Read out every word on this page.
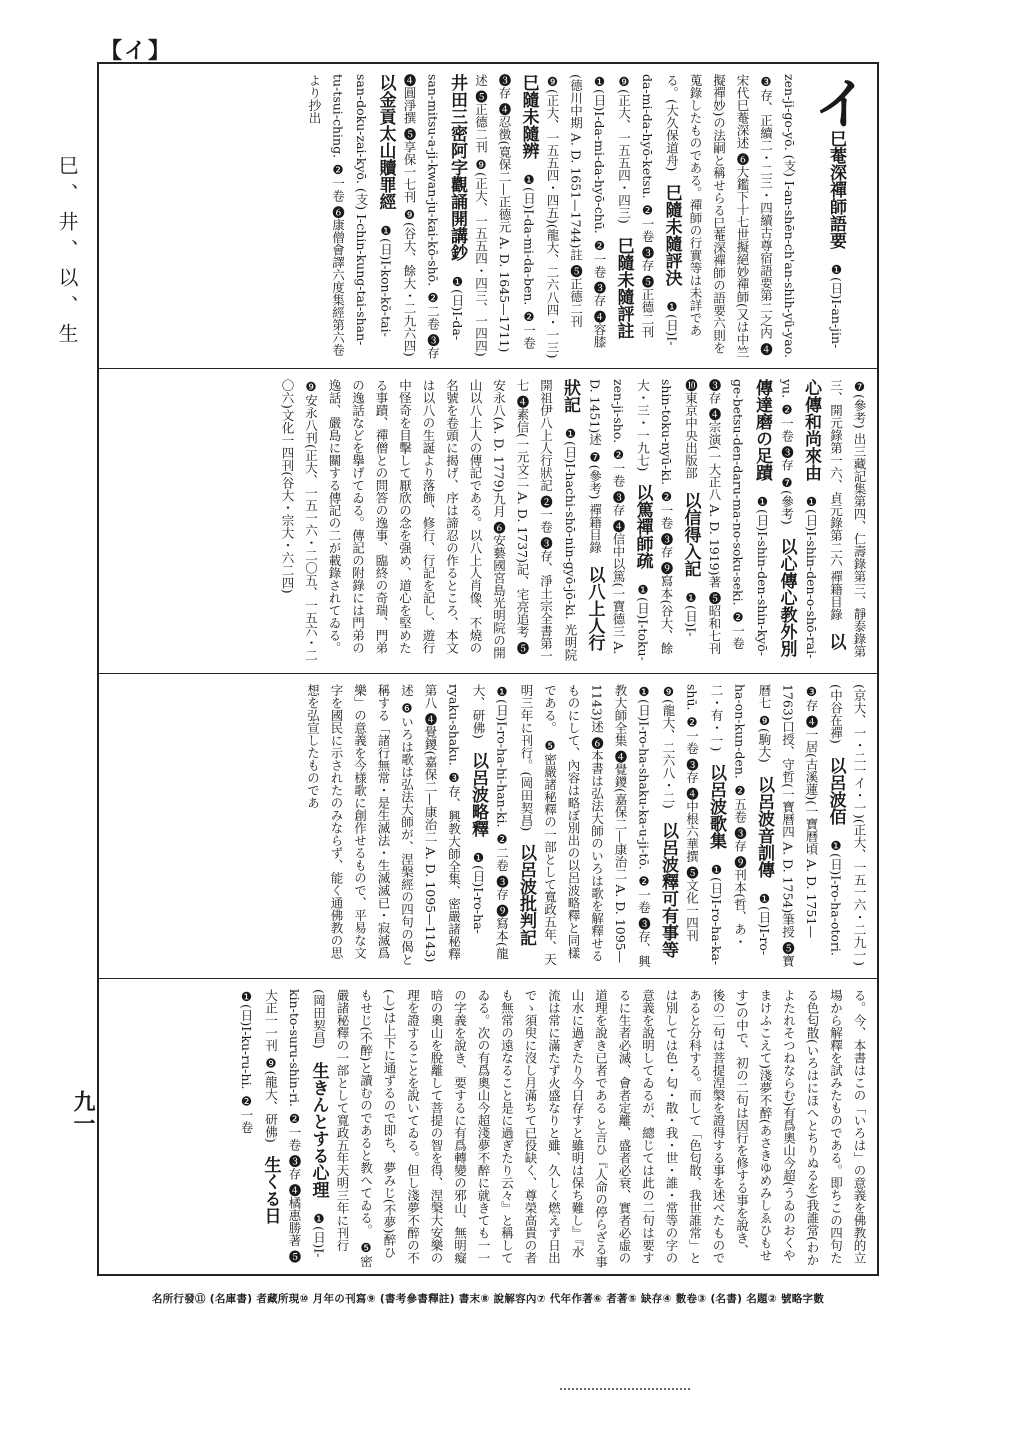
【イ】
巳、井、以、生
九一
イ巳菴深禪師語要　❶(日)I-an-jin-zen-ji-go-yō. (支) I-an-shēn-ch'an-shih-yü-yao. ❸存、正續二・二三・四續古尊宿語要第二之内 ❹宋代巳菴深述 ❻大鑑下十七世擬絕妙禪師(又は中竺擬禪妙)の法嗣と稱せらる巳菴深禪師の語要六則を蒐錄したものである。禪師の行實等は未詳である。(大久保道舟)　巳隨未隨評決　❶(日)I-da-mi-da-hyō-ketsu. ❷一卷 ❸存 ❺正德二刊 ❾(正大、一五五四・四三)　巳隨未隨評註　❶(日)I-da-mi-da-hyō-chū. ❷一卷 ❸存 ❹容膝(德川中期 A. D. 1651—1744)註 ❺正德二刊 ❾(正大、一五五四・四五)(龍大、二六八四・一三)　巳隨未隨辨　❶(日)I-da-mi-da-ben. ❷一卷 ❸存 ❹忍徴(寛保二—正德元 A. D. 1645—1711)述 ❺正德二刊 ❾(正大、一五五四・四三、一四四)　井田三密阿字觀誦開講鈔　❶(日)I-da-san-mitsu-a-ji-kwan-ju-kai-kō-shō. ❷二卷 ❸存 ❹圓淨撰 ❺享保一七刊 ❾(谷大、餘大・二九六四)　以金貢太山贖罪經　❶(日)I-kon-kō-tai-san-doku-zai-kyō. (支) I-chin-kung-tai-shan-tu-tsui-ching. ❷一卷 ❻康僧會譯六度集經第六卷より抄出　
❼(參考) 出三藏記集第四、仁壽錄第三、靜泰錄第三、開元錄第一六、貞元錄第二六 禪籍目錄　以心傳和尚來由　❶(日)I-shin-den-o-shō-rai-yu. ❷一卷 ❸存 ❼(參考)　以心傳心教外別傳達磨の足蹟　❶(日)I-shin-den-shin-kyō-ge-betsu-den-daru-ma-no-soku-seki. ❷一卷 ❸存 ❹宗演(一大正八 A. D. 1919)著 ❺昭和七刊 ❿東京中央出版部　以信得入記　❶(日)I-shin-toku-nyū-ki. ❷一卷 ❸存 ❾寫本(谷大、餘大・三・一九七)　以篤禪師疏　❶(日)I-toku-zen-ji-sho. ❷一卷 ❸存 ❹信中以篤(一寶德三 A. D. 1451)述 ❼(參考) 禪籍目錄　以八上人行狀記　❶(日)I-hachi-shō-nin-gyō-jō-ki. 光明院開祖伊八上人行狀記 ❷一卷 ❸存、淨土宗全書第一七 ❹素信(一元文二 A. D. 1737)記、宅亮追考 ❺安永八(A. D. 1779)九月 ❻安藝國宮島光明院の開山以八上人の傳記である。以八上人肖像、不燒の名號を卷頭に揭げ、序は諦忍の作るところ、本文は以八の生誕より落飾、修行、行記を記し、遊行中怪奇を目擊して厭欣の念を强め、道心を堅めたる事蹟、禪僧との問答の逸事、臨終の奇瑞、門弟の逸話などを擧げてゐる。傳記の附錄には門弟の逸話、嚴島に關する傳記の二が載錄されてゐる。 ❾安永八刊(正大、一五一六・二〇五、一五六・二〇六)文化一四刊(谷大・宗大・六二四)　
(京大、一・二一イ・一)(正大、一五一六・二九一)(中谷在禪)　以呂波佰　❶(日)I-ro-ha-otori. ❸存 ❹一居(古溪蓮)(一寶曆頃 A. D. 1751—1763)口授、守哲(一寶曆四 A. D. 1754)筆授 ❺寶曆七 ❾(駒大)　以呂波音訓傳　❶(日)I-ro-ha-on-kun-den. ❷五卷 ❸存 ❾刊本(哲、あ・二・有・一)　以呂波歌集　❶(日)I-ro-ha-ka-shū. ❷一卷 ❸存 ❹中根六華撰 ❺文化一四刊 ❾(龍大、二六八・二)　以呂波釋可有事等　❶(日)I-ro-ha-shaku-ka-u-ji-tō. ❷一卷 ❸存、興教大師全集 ❹覺鑁(嘉保二—康治二 A. D. 1095—1143)述 ❻本書は弘法大師のいろは歌を解釋せるものにして、內容は略ぼ別出の以呂波略釋と同樣である。 ❺密嚴諸秘釋の一部として寬政五年、天明三年に刊行。(岡田契昌)　以呂波批判記　❶(日)I-ro-ha-hi-han-ki. ❷二卷 ❸存 ❾寫本(龍大、研佛)　以呂波略釋　❶(日)I-ro-ha-ryaku-shaku. ❸存、興教大師全集、密嚴諸秘釋第八 ❹覺鑁(嘉保二—康治二 A. D. 1095—1143)述 ❻いろは歌は弘法大師が、涅槃經の四句の偈と稱する「諸行無常・是生滅法・生滅滅已・寂滅爲樂」の意義を今様歌に創作せるもので、平易な文字を國民に示されたのみならず、能く通佛教の思想を弘宣したものであ　
る。今、本書はこの「いろは」の意義を佛教的立場から解釋を試みたものである。即ちこの四句たる色匂散(いろはにほへとちりぬるを)我誰常(わかよたれそつねならむ)有爲奧山今超(うゐのおくやまけふこえて)淺夢不醉(あさきゆめみしゑひもせす)の中で、初の二句は因行を修する事を說き、後の二句は菩提涅槃を證得する事を述べたものであると分科する。而して「色匂散、我世誰常」とは別しては色・匂・散・我・世・誰・常等の字の意義を說明してゐるが、總じては此の二句は要するに生者必滅、會者定離、盛者必衰、實者必虛の道理を說き已者である と言ひ『人命の停らざる事山水に過ぎたり今日存すと雖明は保ち難し』『水流は常に滿たず火盛なりと雖、久しく燃えず日出でゝ須臾に沒し月滿ちて已役缺く、尊榮高貴の者も無常の遠なること是に過ぎたり云々』と稱してゐる。次の有爲奧山今超淺夢不醉に就きても一一の字義を說き、要するに有爲轉變の邪山、無明癡暗の奧山を脫離して菩提の智を得、涅槃大安樂の理を證することを說いてゐる。但し淺夢不醉の不(し)は上下に通ずるので即ち、夢みじ(不夢)醉ひもせじ(不醉)と讀むのであると教へてゐる。 ❺密嚴諸秘釋の一部として寬政五年天明三年に刊行(岡田契昌)　生きんとする心理　❶(日)I-kin-to-suru-shin-ri. ❷一卷 ❸存 ❹橘惠勝著 ❺大正一一刊 ❾(龍大、研佛)　生くる日　❶(日)I-ku-ru-hi. ❷一卷　
名所行發⑪ (名庫書) 者藏所現⑩ 月年の刊寫⑨ (書考參書釋註) 書末⑧ 說解容內⑦ 代年作著⑥ 者著⑤ 缺存④ 數卷③ (名書) 名題② 號略字數
